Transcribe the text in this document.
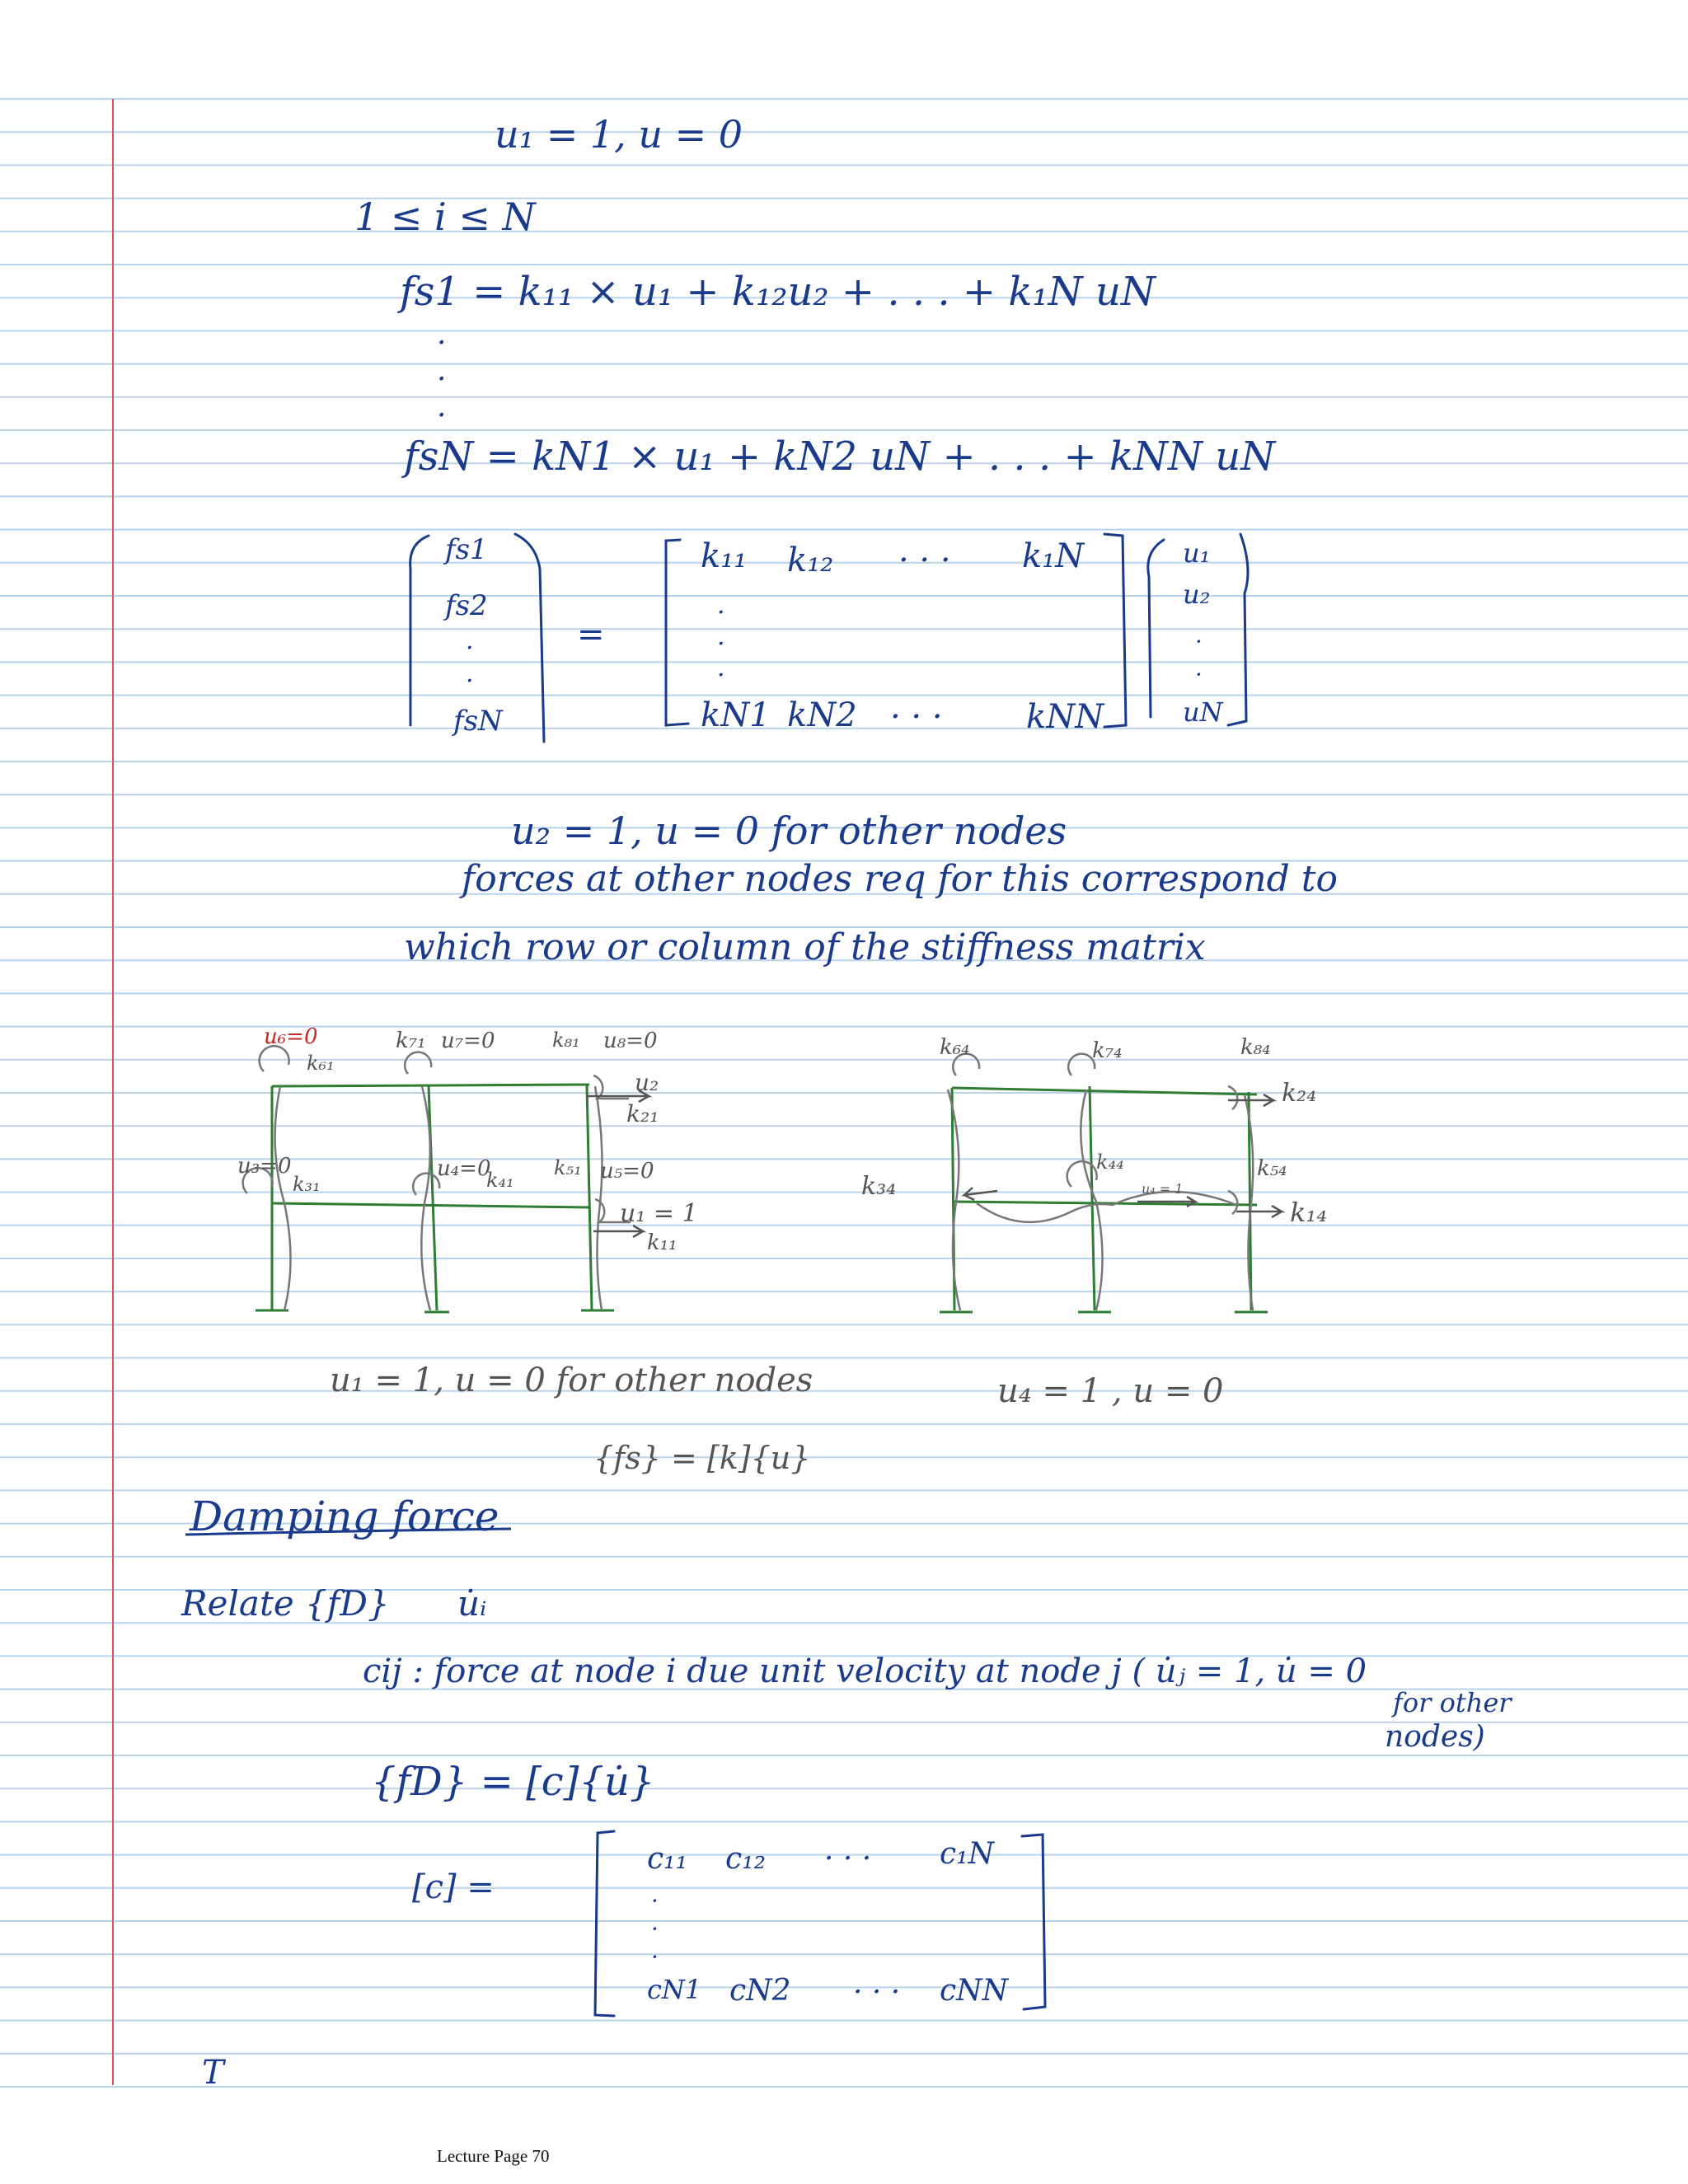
u₁ = 1, u = 0
1 ≤ i ≤ N
fs1 = k₁₁ × u₁ + k₁₂u₂ + . . . + k₁N uN
·
·
·
fsN = kN1 × u₁ + kN2 uN + . . . + kNN uN
fs1
fs2
·
·
fsN
=
k₁₁ k₁₂ · · · k₁N
·
·
·
kN1 kN2 · · ·	kNN
u₁
u₂
·
·
uN
u₂ = 1, u = 0 for other nodes
forces at other nodes req for this correspond to
which row or column of the stiffness matrix
u₆=0
k₆₁
k₇₁ u₇=0	k₈₁ u₈=0
u₂
k₂₁
u₃=0
k₃₁
u₄=0
k₄₁
k₅₁ u₅=0
u₁ = 1
k₁₁
u₁ = 1, u = 0 for other nodes
{fs} = [k]{u}
k₆₄	k₇₄	k₈₄
k₂₄
k₄₄	k₅₄
k₃₄	u₄ = 1
k₁₄
u₄ = 1 , u = 0
Damping force
Relate {fD} u̇ᵢ
cij : force at node i due unit velocity at node j ( u̇ⱼ = 1, u̇ = 0
for other
nodes)
{fD} = [c]{u̇}
[c] =
c₁₁ c₁₂ · · · c₁N
·
·
·
cN1 cN2 · · · cNN
T
Lecture Page 70
